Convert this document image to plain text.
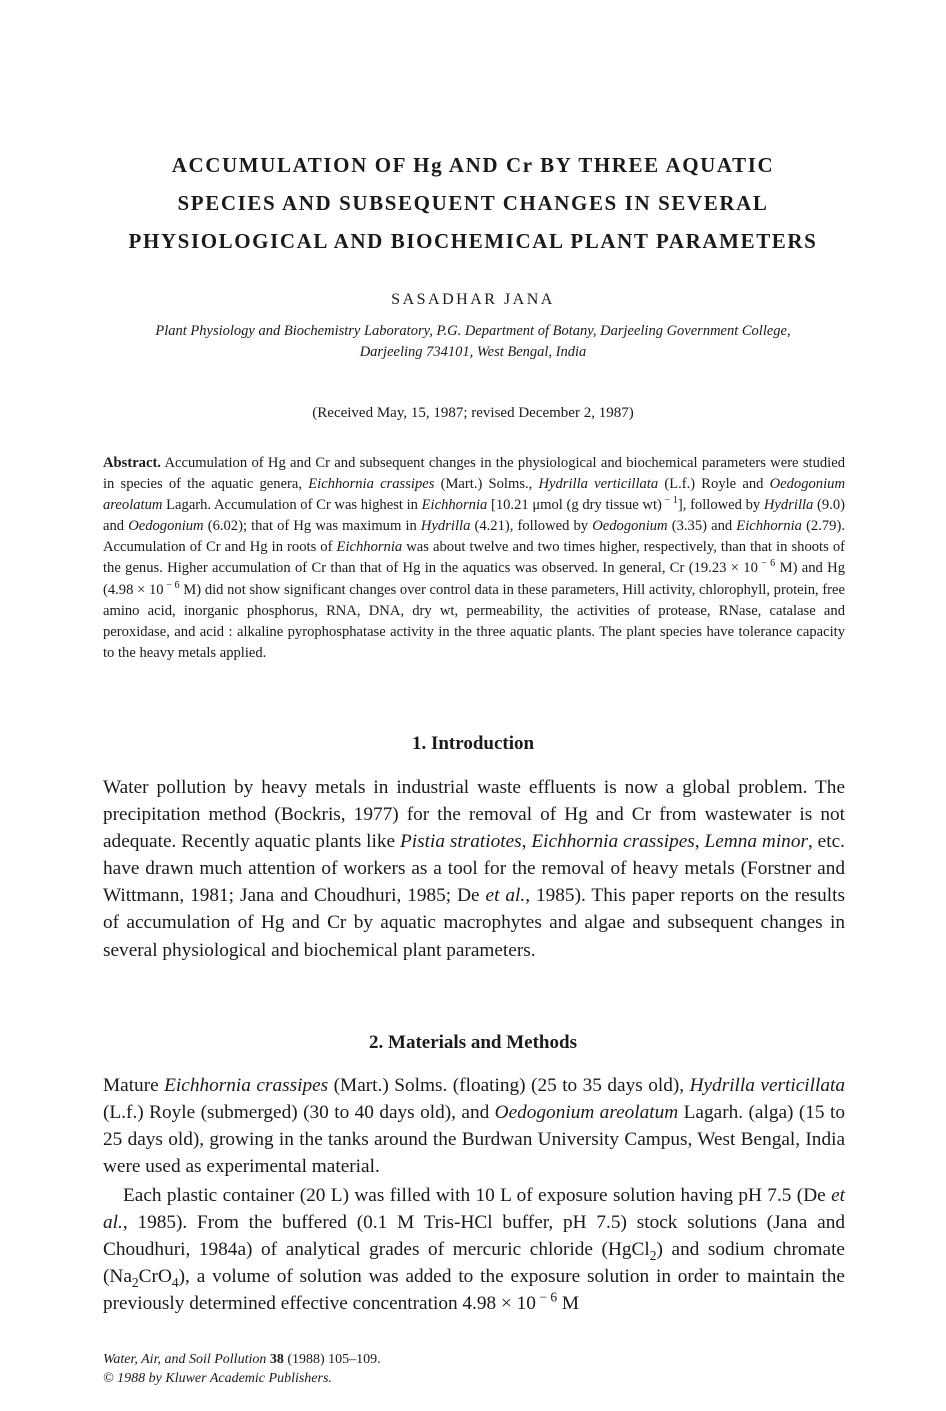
ACCUMULATION OF Hg AND Cr BY THREE AQUATIC
SPECIES AND SUBSEQUENT CHANGES IN SEVERAL
PHYSIOLOGICAL AND BIOCHEMICAL PLANT PARAMETERS
SASADHAR JANA
Plant Physiology and Biochemistry Laboratory, P.G. Department of Botany, Darjeeling Government College,
Darjeeling 734101, West Bengal, India
(Received May, 15, 1987; revised December 2, 1987)
Abstract. Accumulation of Hg and Cr and subsequent changes in the physiological and biochemical parameters were studied in species of the aquatic genera, Eichhornia crassipes (Mart.) Solms., Hydrilla verticillata (L.f.) Royle and Oedogonium areolatum Lagarh. Accumulation of Cr was highest in Eichhornia [10.21 μmol (g dry tissue wt) $^{- 1}$], followed by Hydrilla (9.0) and Oedogonium (6.02); that of Hg was maximum in Hydrilla (4.21), followed by Oedogonium (3.35) and Eichhornia (2.79). Accumulation of Cr and Hg in roots of Eichhornia was about twelve and two times higher, respectively, than that in shoots of the genus. Higher accumulation of Cr than that of Hg in the aquatics was observed. In general, Cr (19.23 × 10 $^{- 6}$ M) and Hg (4.98 × 10 $^{- 6}$ M) did not show significant changes over control data in these parameters, Hill activity, chlorophyll, protein, free amino acid, inorganic phosphorus, RNA, DNA, dry wt, permeability, the activities of protease, RNase, catalase and peroxidase, and acid : alkaline pyrophosphatase activity in the three aquatic plants. The plant species have tolerance capacity to the heavy metals applied.
1. Introduction
Water pollution by heavy metals in industrial waste effluents is now a global problem. The precipitation method (Bockris, 1977) for the removal of Hg and Cr from wastewater is not adequate. Recently aquatic plants like Pistia stratiotes, Eichhornia crassipes, Lemna minor, etc. have drawn much attention of workers as a tool for the removal of heavy metals (Forstner and Wittmann, 1981; Jana and Choudhuri, 1985; De et al., 1985). This paper reports on the results of accumulation of Hg and Cr by aquatic macrophytes and algae and subsequent changes in several physiological and biochemical plant parameters.
2. Materials and Methods
Mature Eichhornia crassipes (Mart.) Solms. (floating) (25 to 35 days old), Hydrilla verticillata (L.f.) Royle (submerged) (30 to 40 days old), and Oedogonium areolatum Lagarh. (alga) (15 to 25 days old), growing in the tanks around the Burdwan University Campus, West Bengal, India were used as experimental material.
Each plastic container (20 L) was filled with 10 L of exposure solution having pH 7.5 (De et al., 1985). From the buffered (0.1 M Tris-HCl buffer, pH 7.5) stock solutions (Jana and Choudhuri, 1984a) of analytical grades of mercuric chloride (HgCl$_2$) and sodium chromate $(Na_2CrO_4)$, a volume of solution was added to the exposure solution in order to maintain the previously determined effective concentration 4.98 × 10 $^{- 6}$ M
Water, Air, and Soil Pollution 38 (1988) 105–109.
© 1988 by Kluwer Academic Publishers.
